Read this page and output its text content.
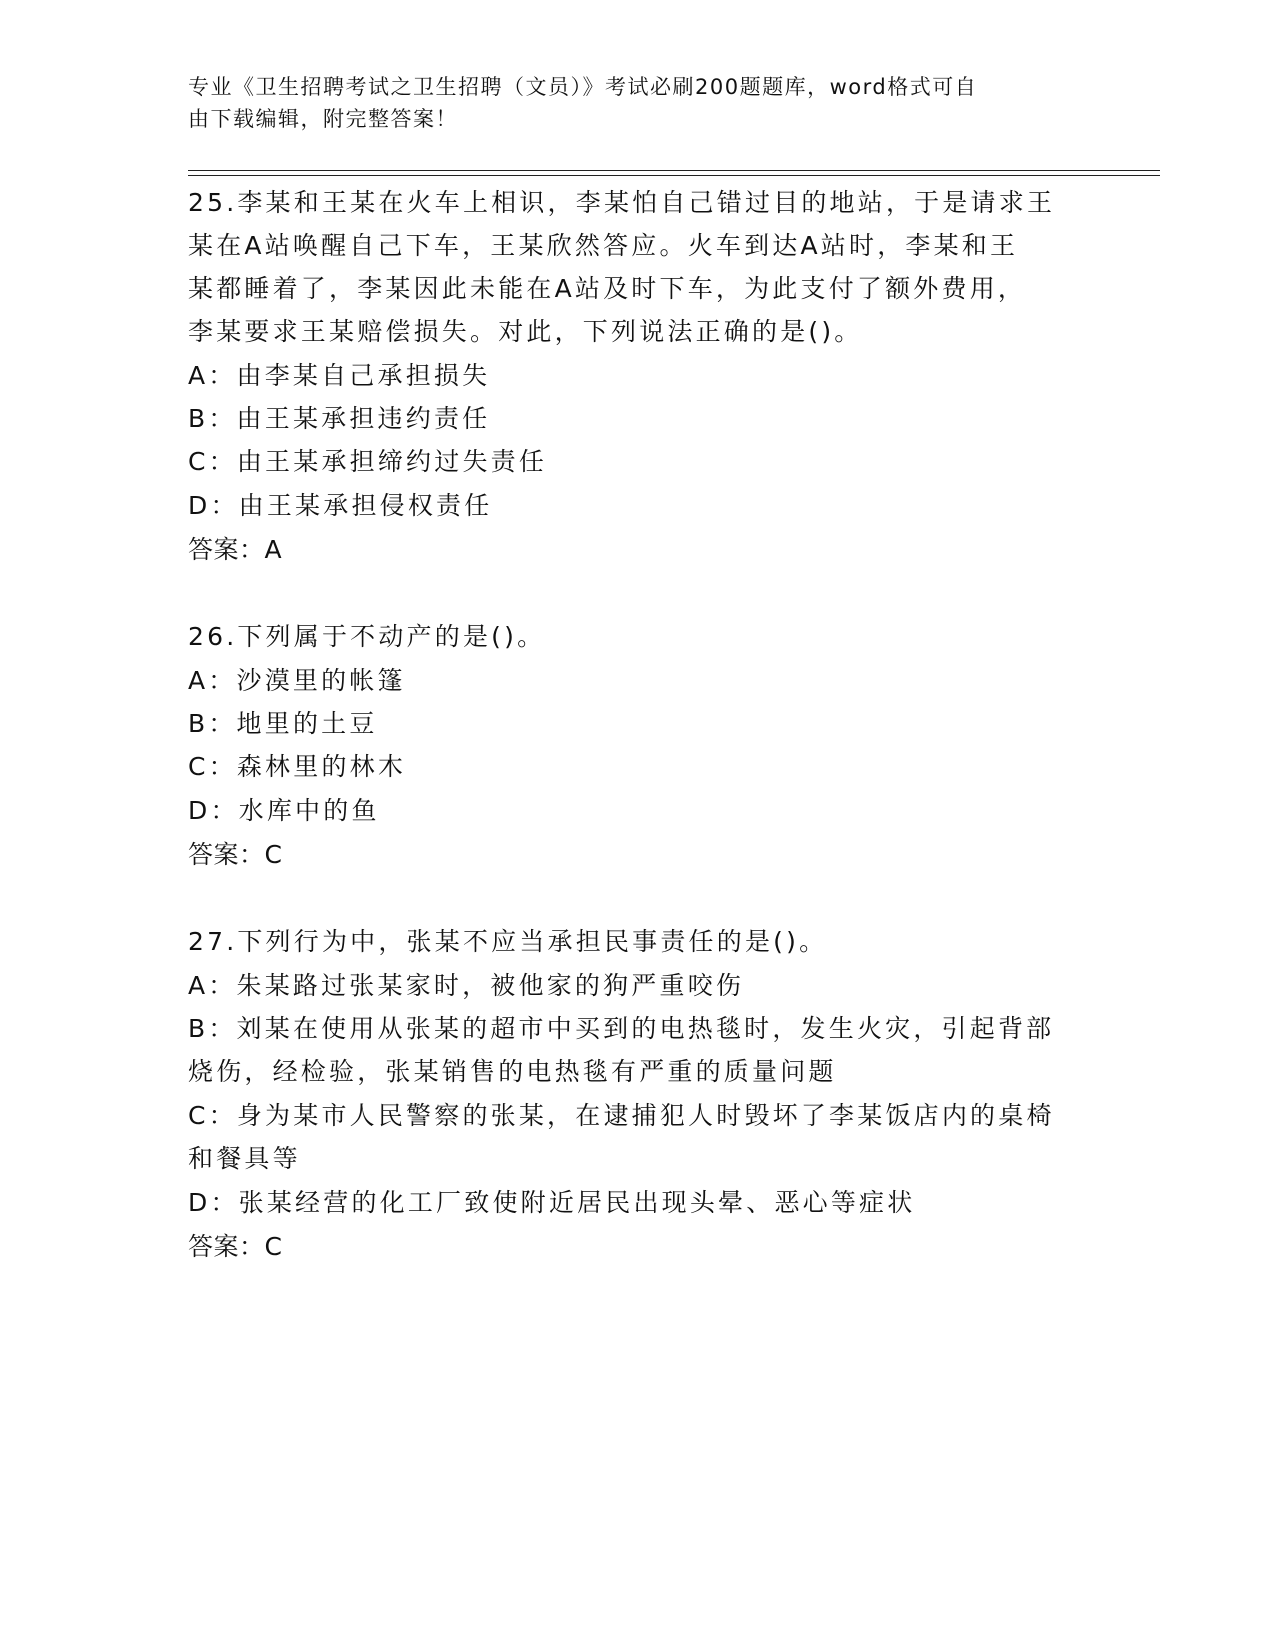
专业《卫生招聘考试之卫生招聘（文员）》考试必刷200题题库，word格式可自
由下载编辑，附完整答案！
25.李某和王某在火车上相识，李某怕自己错过目的地站，于是请求王
某在A站唤醒自己下车，王某欣然答应。火车到达A站时，李某和王
某都睡着了，李某因此未能在A站及时下车，为此支付了额外费用，
李某要求王某赔偿损失。对此，下列说法正确的是()。
A：由李某自己承担损失
B：由王某承担违约责任
C：由王某承担缔约过失责任
D：由王某承担侵权责任
答案：A
26.下列属于不动产的是()。
A：沙漠里的帐篷
B：地里的土豆
C：森林里的林木
D：水库中的鱼
答案：C
27.下列行为中，张某不应当承担民事责任的是()。
A：朱某路过张某家时，被他家的狗严重咬伤
B：刘某在使用从张某的超市中买到的电热毯时，发生火灾，引起背部
烧伤，经检验，张某销售的电热毯有严重的质量问题
C：身为某市人民警察的张某，在逮捕犯人时毁坏了李某饭店内的桌椅
和餐具等
D：张某经营的化工厂致使附近居民出现头晕、恶心等症状
答案：C
